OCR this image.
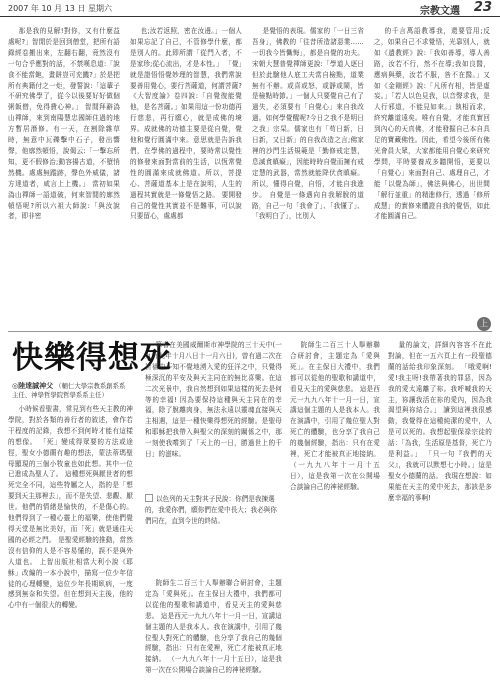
2007 年 10 月 13 日 星期六	宗教文選 23

那是我的見解!對你，又有什麼益處呢?」智閒於是回到僧堂，把所有語錄經卷搬出來，左翻右翻，竟然沒有一句合乎應對的話，不禁嘆息道:「說食不能當飽，畫餅豈可充饑?」於是把所有典籍付之一炬，發誓說:「這輩子不研究佛學了，從今以後要好好做個粥飯僧，免得費心神。」 智閒拜辭溈山禪師，來到南陽慧忠國師住過的地方暫居潛修。有一天，在割除雜草時，無意中瓦礫擊中石子，發出響聲，他廓然頓悟，說偈云:「一擊忘所知，更不假修治;動容揚古道，不墮悄然機。處處無蹤跡，聲色外威儀，諸方達道者，咸言上上機。」 當初如果溈山禪師一語道破，何來智閒的廓然頓悟呢?所以六祖大師說:「與汝說者，即非密

也;汝若返照，密在汝邊。」一個人如果忘記了自己，不管修學什麼，都是別人的。此即所謂「從門入者，不是家珍;從心流出，才是本性。」 「覺」就是證悟悟覺妙理的智慧，我們常說要善用覺心，要行菩薩道，何謂菩薩?《大智度論》卷四說:「自覺復能覺他，是名菩薩。」如果用這一份功德再行慈悲，再行願心，就是成佛的境界。成就佛的功德主要是從自覺，覺他和覺行圓滿中來。意思就是告訴我們，在學佛的過程中，要時常以覺性的修發來面對當前的生活，以恆常覺性的圓滿來成就佛道。所以，菩提心、菩薩道基本上是在說明，人生的過程其實就是一條覺悟之路。 要開發自己的覺性其實並不是難事，可以說只要留心，處處都

是覺悟的表現。儒家的「一日三省吾身」，佛教的「往昔所造諸惡業……一切我今皆懺悔」，都是自覺的功夫。宋朝大慧普覺禪師更說:「學道人逐日但於此驗他人底工夫當自檢點，道業無有不辦。或喜或怒，或靜或鬧，皆是檢點時節。」一個人只要覺自己有了過失，必須要有「自覺心」來自我改過。如何學覺醒呢?今日之我不是明日之我」宗杲。儒家也有「苟日新，日日新，又日新」的自我改造之言;佛家裡的沙門生活規範是「勤修戒定慧，息滅貪瞋癡」，因能時時自覺而擁有戒定慧的武器，當然就能降伏貪瞋癡。所以，懂得自覺，自悟，才能自我進步。 自覺是一條邁向自我解脫的道路，自己一句「我會了」、「我懂了」、「我明白了」，比別人

的千言萬語教導我，還要管用;反之，如果自己不求覺悟，光靠別人，就如《遺教經》說:「我如善導，導人善路，汝若不行，然不在導;我如良醫，應病與藥，汝若不服，咎不在醫。」又如《金剛經》說:「凡所有相，皆是虛妄。」「若人以色見我，以音聲求我，是人行邪道，不能見如來。」執相而求，終究離道遠矣。唯有自覺，才能真實回到內心的天真佛，才能發掘自己本自具足的寶藏佛性。因此，希望今後所有佛光會員大眾，大家都能用自覺心來研究學問，平時要養成多聽開悟，更要以「自覺心」來面對自己、處理自己，才能「以覺為師」，佛法與佛心，出世間「解行並重」的精進修行，透過「修所成慧」的實修來體證自我的覺悟，如此才能圓滿自己。

上
快樂得想死
◎陸達誠神父 （輔仁大學宗教系創系系主任、神學哲學院哲學系系主任）

小時候看聖書，常見到有些天主教的神學院，對於各類的善行者的敘述，會作若干程度的記錄，我想不到何時才能有這樣的想像。 「死」變成得眾要的方法或途徑，聖女小德蘭有趣的想法，蒙法蒂瑪聖母顯現的三個小牧童也如此想。其中一位已進成為聖人了。 這種想死與厭世者的想死完全不同，這些特屬之人，指的是「想要到天主那裡去」，而不是失望、悲觀、厭世。他們的情緒是愉快的，不是傷心的。他們得到了一種心靈上的福樂，使他們覺得天堂是無比美好，而「死」就是通往天國的必經之門。 是聖愛經驗的推動，當然沒有信仰的人是不容易懂的，誤不是與外人道也。 上智出版社相當大利小說《耶穌」改編的一本小說中，描寫一位少年信徒的心理轉變，這位少年長期臥病，一度感到無奈和失望。但在想到天主後，他的心中有一個很大的轉變。

筆者在美國威爾斯市神學院的三十天中(一九九九年十月八日十一月六日)，曾有過二次在祈禱中不知不覺地湧入愛的狂洋之中，只覺得極深沉的平安及與天主同在的無比喜樂。在這二次光景中，我自然想到如果這樣的死去是何等的幸福! 因為要保持這種與天主同在的幸福，除了脫離肉身，無法永遠以靈魂直接與天主相遇，這是一種快樂得想死的經驗。是聖母和耶穌把我帶入與聖父的深刻的關係之中，那一刻使我嚐到了「天上的一日，勝過世上的千日」的滋味。

以色列的天主對其子民說：你們是我揀選的，我愛你們，願你們在愛中長大；我必與你們同在，直到今世的終結。

院師生二百三十人舉辦聯合研討會，主題定為「愛與死」。在主保日大禮中，我們都可以從他的聖歌和講道中，看見天主的愛與慈悲。 這是西元一九九八年十一月一日，宣講這個主題的人是我本人。我在演講中，引用了幾位聖人對死亡的體驗，也分享了我自己的幾個經驗，指出：只有在愛裡，死亡才能被真正地接納。 （一九九八年十一月十五日），這是我第一次在公開場合談論自己的神祕經驗。

院師生二百三十人舉辦聯合研討會，主題定為「愛與死」。在主保日大禮中，我們都可以從他的聖歌和講道中，看見天主的愛與慈悲。 這是西元一九九八年十一月一日，宣講這個主題的人是我本人。我在演講中，引用了幾位聖人對死亡的體驗，也分享了我自己的幾個經驗，指出：只有在愛裡，死亡才能被真正地接納。 （一九九八年十一月十五日），這是我第一次在公開場合談論自己的神祕經驗。

量的論文，詳細內容容不在此對論，但在一五六頁上有一段聖德蘭的話給我印象深刻。 「哦愛啊!愛!我主呀!我帶著我的罪惡，因為我的愛太遠離了祢。我呼喊我的天主，祢讓我活在祢的愛內，因為我渴望與祢結合。」 讀到這裡我很感動，我覺得在這種純潔的愛中，人是可以死的。我想起聖保祿宗徒的話：「為我，生活原是基督，死亡乃是利益。」 「只一句『我們的天父』，我就可以默想七小時。」這是聖女小德蘭的話。 我現在想說：如果能在天主的愛中死去，那該是多麼幸福的事啊!
